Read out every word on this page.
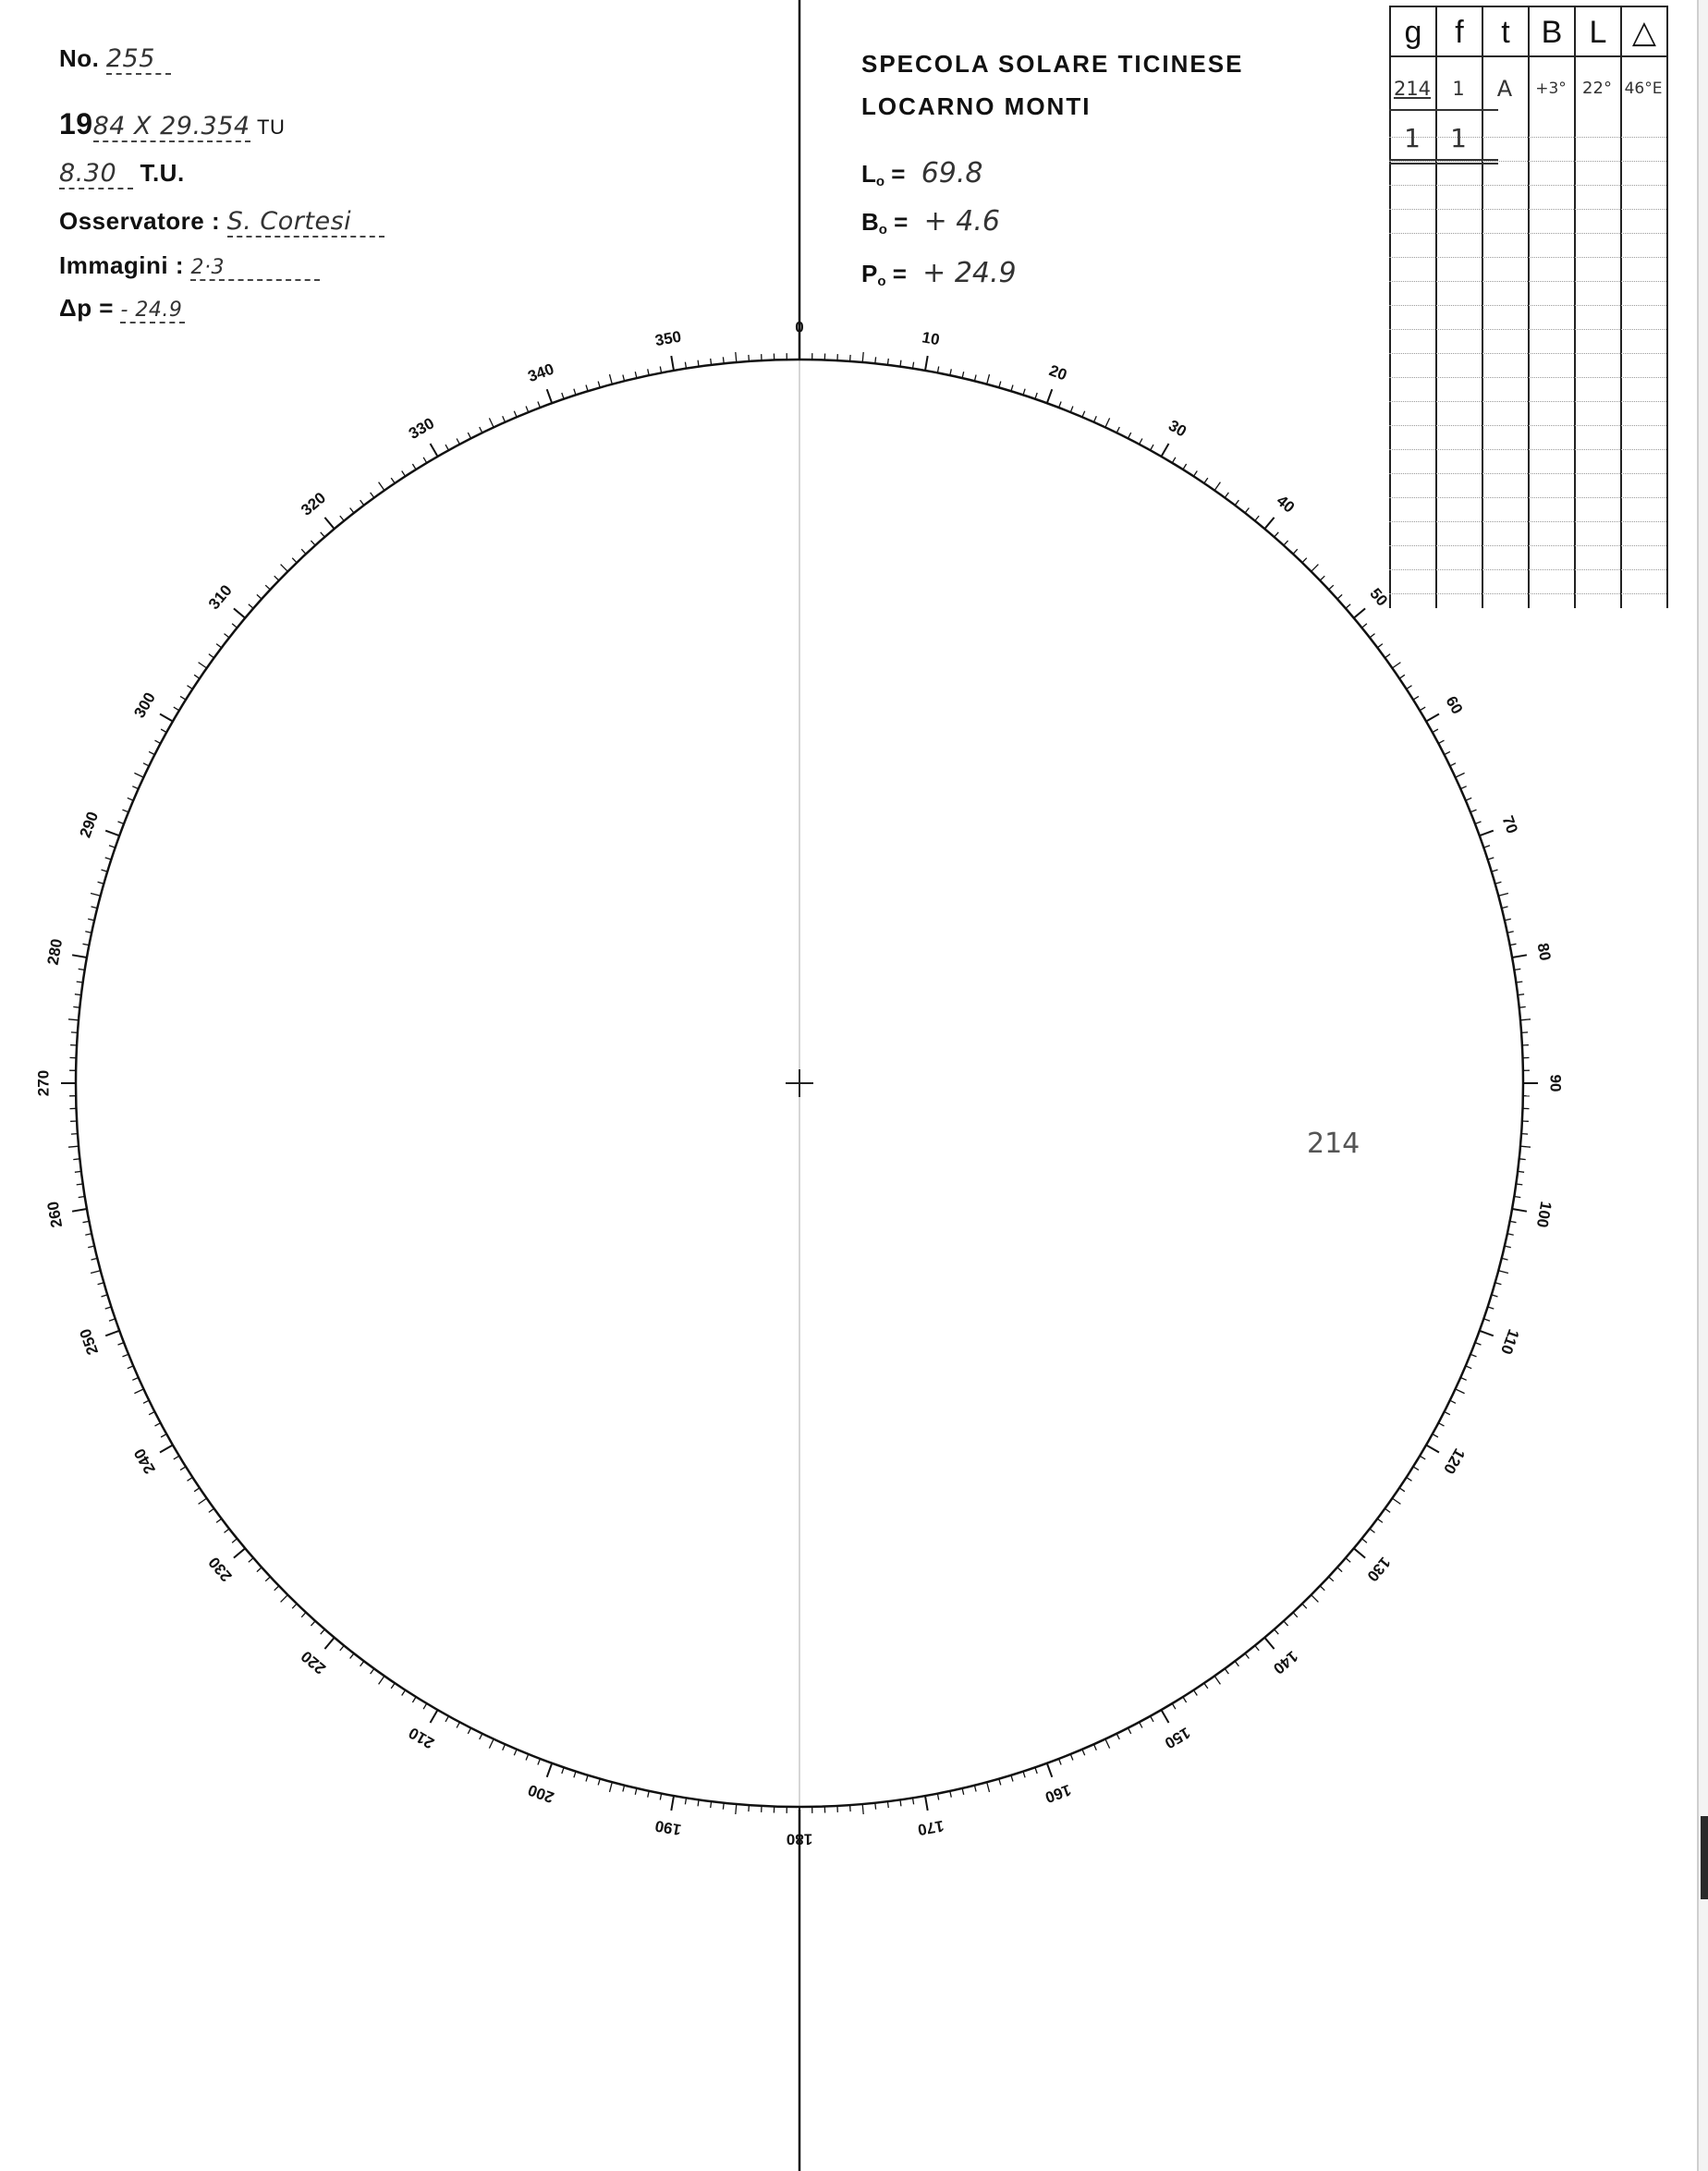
No. 255
1984 X 29.354 TU
8.30 T.U.
Osservatore : S. Cortesi
Immagini : 2·3
Δp = - 24.9
SPECOLA SOLARE TICINESE
LOCARNO MONTI
$L_o = 69.8$
$B_o$ = + 4.6
$P_o$ = + 24.9
g	f	t B L △
214	1	A	+3° 22° 46°E
1	1
0
10
20
30
40
50
60
70
80
90
100
110
120
130
140
150
160
170
180
190
200
210
220
230
240
250
260
270
280
290
300
310
320
330
340
350
214
